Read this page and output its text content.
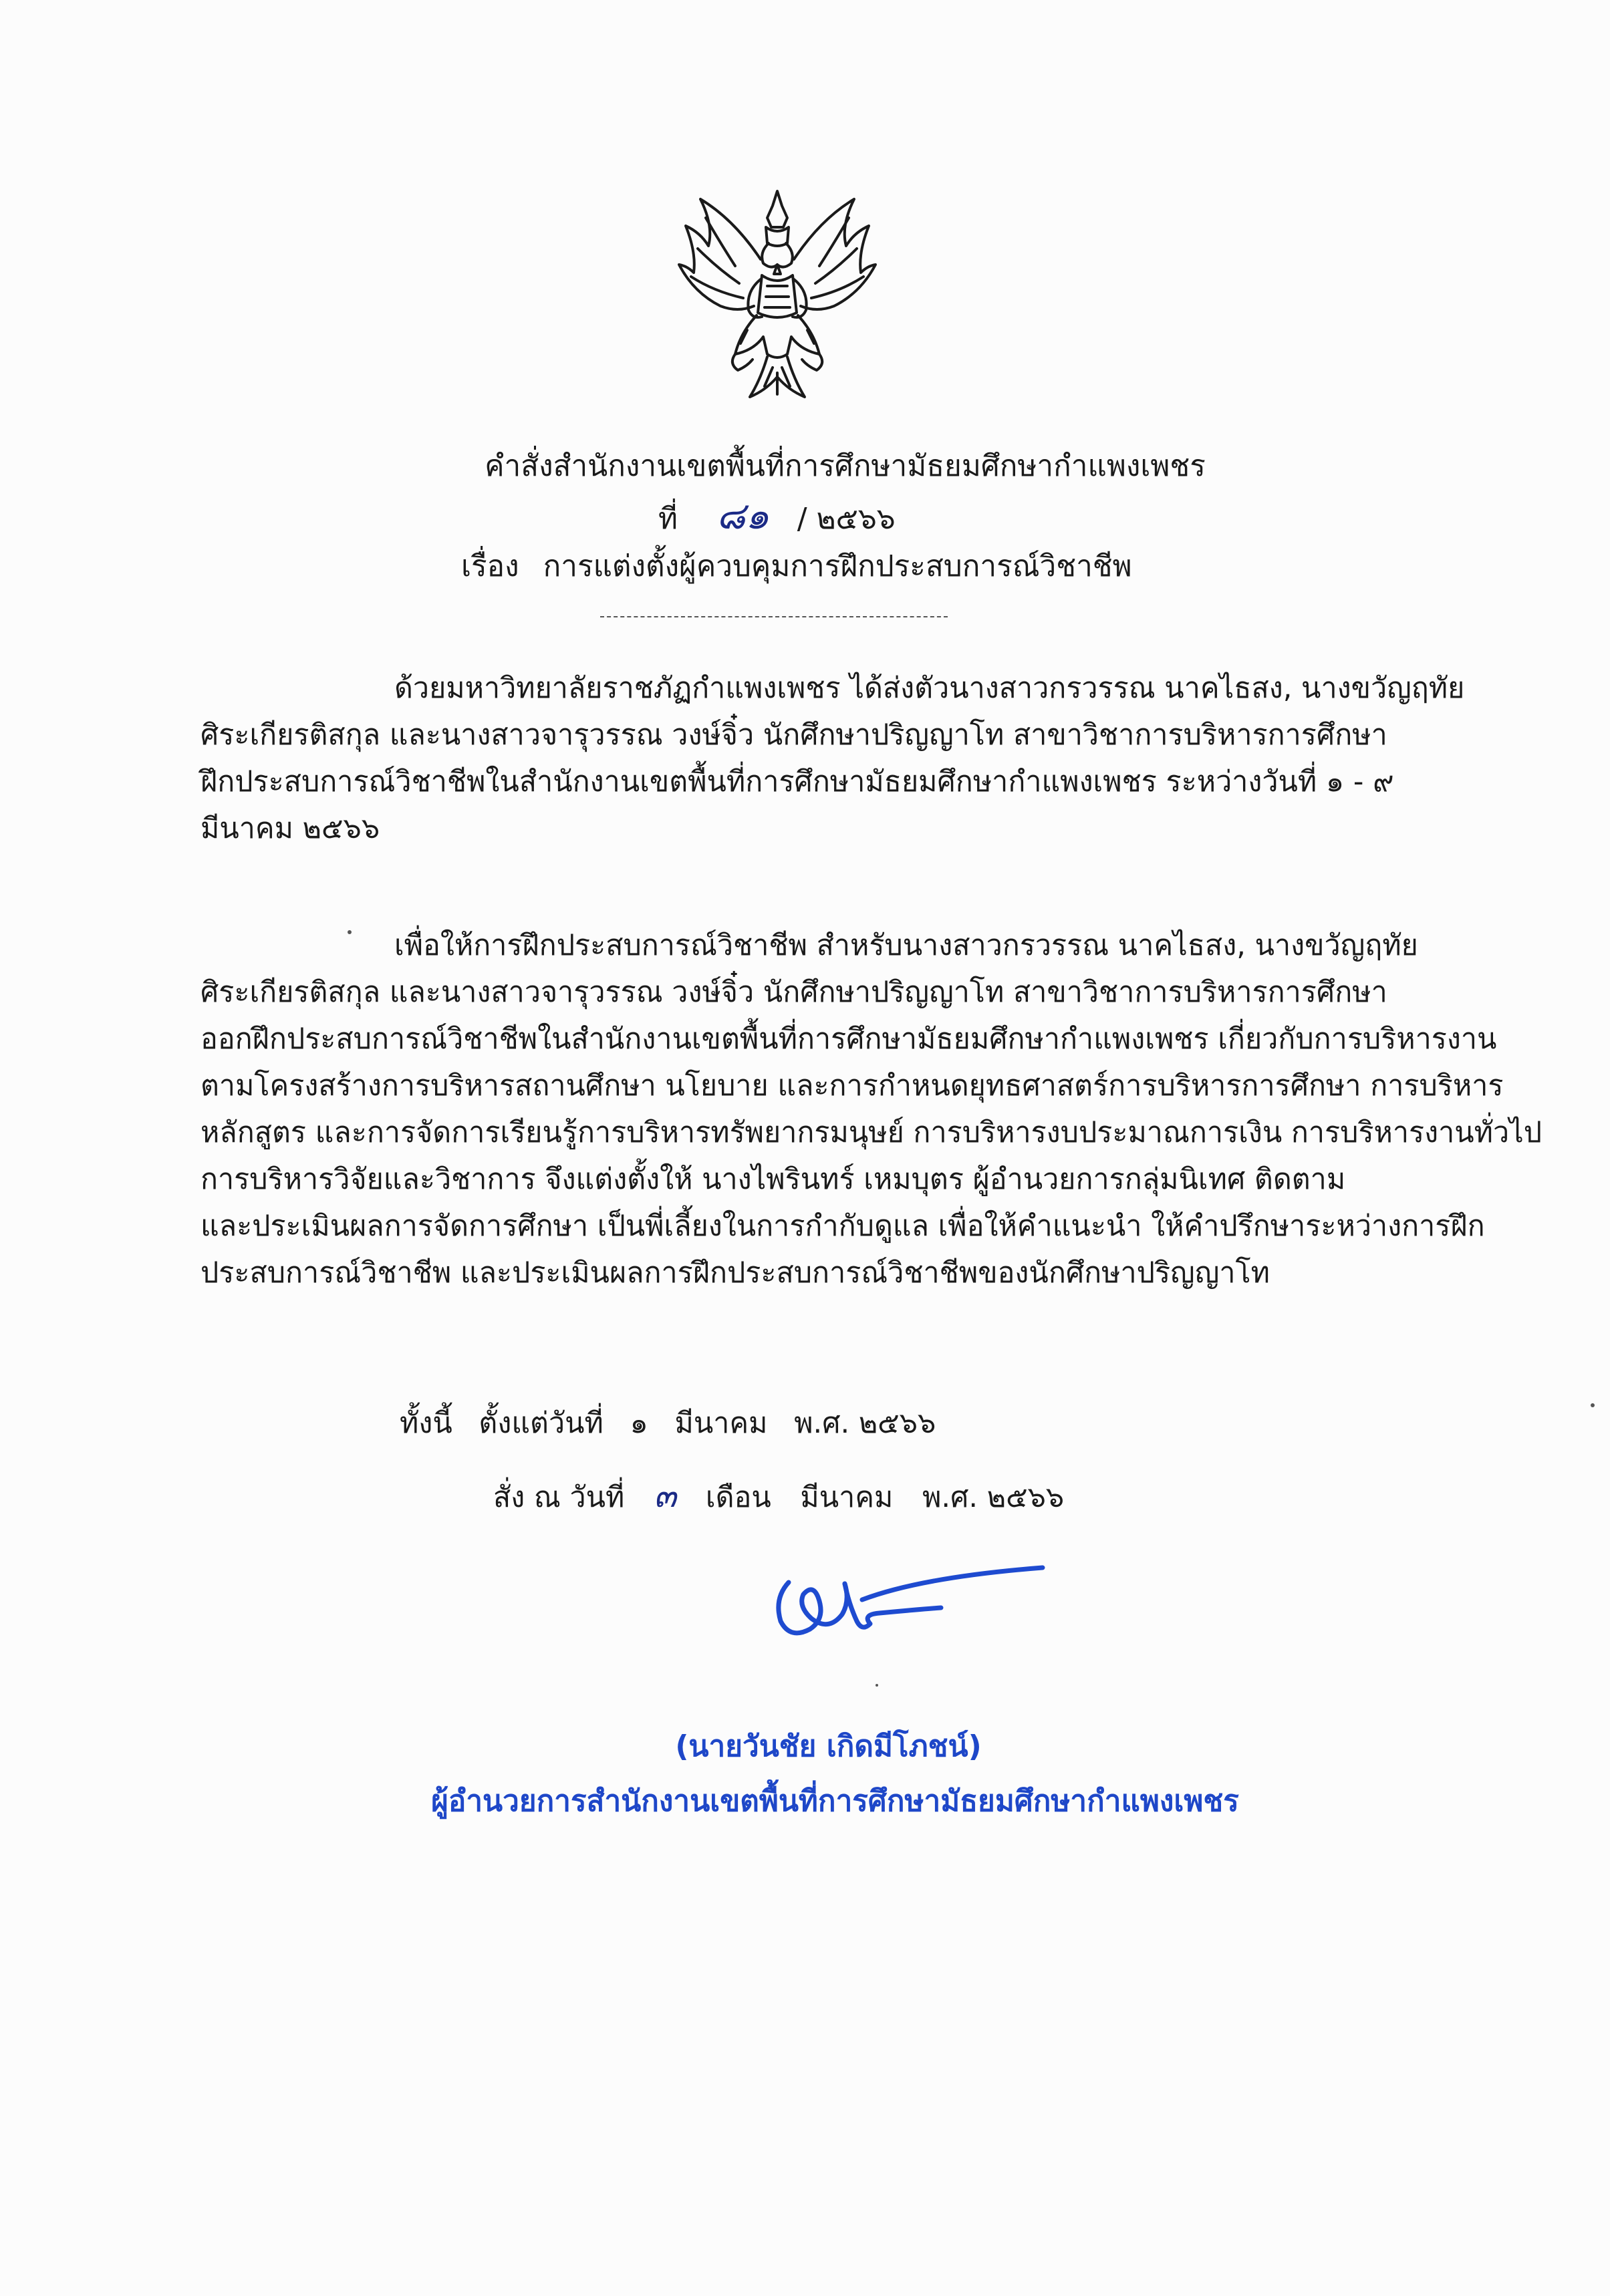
คำสั่งสำนักงานเขตพื้นที่การศึกษามัธยมศึกษากำแพงเพชร
ที่ ๘๑ / ๒๕๖๖
เรื่อง การแต่งตั้งผู้ควบคุมการฝึกประสบการณ์วิชาชีพ
ด้วยมหาวิทยาลัยราชภัฏกำแพงเพชร ได้ส่งตัวนางสาวกรวรรณ นาคไธสง, นางขวัญฤทัย
ศิระเกียรติสกุล และนางสาวจารุวรรณ วงษ์จิ๋ว นักศึกษาปริญญาโท สาขาวิชาการบริหารการศึกษา
ฝึกประสบการณ์วิชาชีพในสำนักงานเขตพื้นที่การศึกษามัธยมศึกษากำแพงเพชร ระหว่างวันที่ ๑ - ๙
มีนาคม ๒๕๖๖
เพื่อให้การฝึกประสบการณ์วิชาชีพ สำหรับนางสาวกรวรรณ นาคไธสง, นางขวัญฤทัย
ศิระเกียรติสกุล และนางสาวจารุวรรณ วงษ์จิ๋ว นักศึกษาปริญญาโท สาขาวิชาการบริหารการศึกษา
ออกฝึกประสบการณ์วิชาชีพในสำนักงานเขตพื้นที่การศึกษามัธยมศึกษากำแพงเพชร เกี่ยวกับการบริหารงาน
ตามโครงสร้างการบริหารสถานศึกษา นโยบาย และการกำหนดยุทธศาสตร์การบริหารการศึกษา การบริหาร
หลักสูตร และการจัดการเรียนรู้การบริหารทรัพยากรมนุษย์ การบริหารงบประมาณการเงิน การบริหารงานทั่วไป
การบริหารวิจัยและวิชาการ จึงแต่งตั้งให้ นางไพรินทร์ เหมบุตร ผู้อำนวยการกลุ่มนิเทศ ติดตาม
และประเมินผลการจัดการศึกษา เป็นพี่เลี้ยงในการกำกับดูแล เพื่อให้คำแนะนำ ให้คำปรึกษาระหว่างการฝึก
ประสบการณ์วิชาชีพ และประเมินผลการฝึกประสบการณ์วิชาชีพของนักศึกษาปริญญาโท
ทั้งนี้ ตั้งแต่วันที่ ๑ มีนาคม พ.ศ. ๒๕๖๖
สั่ง ณ วันที่ ๓ เดือน มีนาคม พ.ศ. ๒๕๖๖
(นายวันชัย เกิดมีโภชน์)
ผู้อำนวยการสำนักงานเขตพื้นที่การศึกษามัธยมศึกษากำแพงเพชร
